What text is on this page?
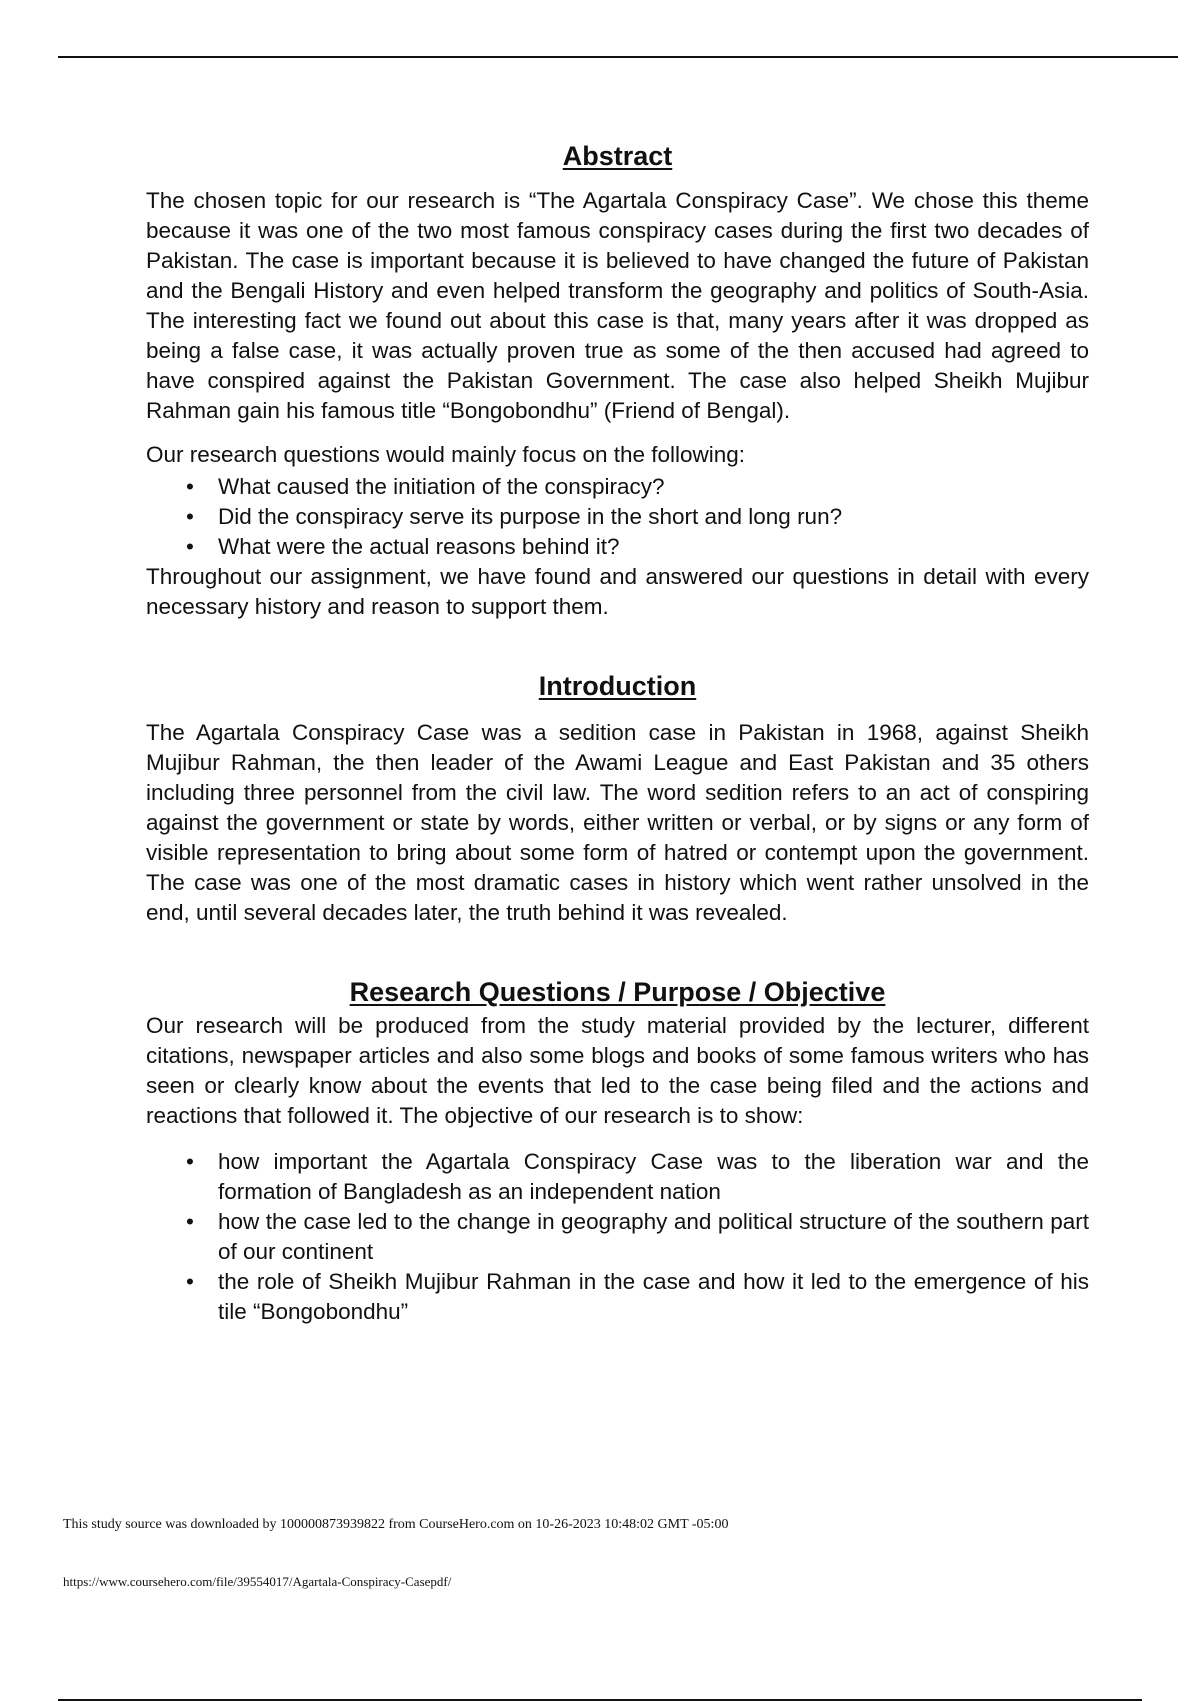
Abstract

The chosen topic for our research is “The Agartala Conspiracy Case”. We chose this theme because it was one of the two most famous conspiracy cases during the first two decades of Pakistan. The case is important because it is believed to have changed the future of Pakistan and the Bengali History and even helped transform the geography and politics of South-Asia. The interesting fact we found out about this case is that, many years after it was dropped as being a false case, it was actually proven true as some of the then accused had agreed to have conspired against the Pakistan Government. The case also helped Sheikh Mujibur Rahman gain his famous title “Bongobondhu” (Friend of Bengal).

Our research questions would mainly focus on the following:

• What caused the initiation of the conspiracy?
• Did the conspiracy serve its purpose in the short and long run?
• What were the actual reasons behind it?

Throughout our assignment, we have found and answered our questions in detail with every necessary history and reason to support them.

Introduction

The Agartala Conspiracy Case was a sedition case in Pakistan in 1968, against Sheikh Mujibur Rahman, the then leader of the Awami League and East Pakistan and 35 others including three personnel from the civil law. The word sedition refers to an act of conspiring against the government or state by words, either written or verbal, or by signs or any form of visible representation to bring about some form of hatred or contempt upon the government. The case was one of the most dramatic cases in history which went rather unsolved in the end, until several decades later, the truth behind it was revealed.

Research Questions / Purpose / Objective

Our research will be produced from the study material provided by the lecturer, different citations, newspaper articles and also some blogs and books of some famous writers who has seen or clearly know about the events that led to the case being filed and the actions and reactions that followed it. The objective of our research is to show:

• how important the Agartala Conspiracy Case was to the liberation war and the formation of Bangladesh as an independent nation
• how the case led to the change in geography and political structure of the southern part of our continent
• the role of Sheikh Mujibur Rahman in the case and how it led to the emergence of his tile “Bongobondhu”
This study source was downloaded by 100000873939822 from CourseHero.com on 10-26-2023 10:48:02 GMT -05:00
https://www.coursehero.com/file/39554017/Agartala-Conspiracy-Casepdf/
